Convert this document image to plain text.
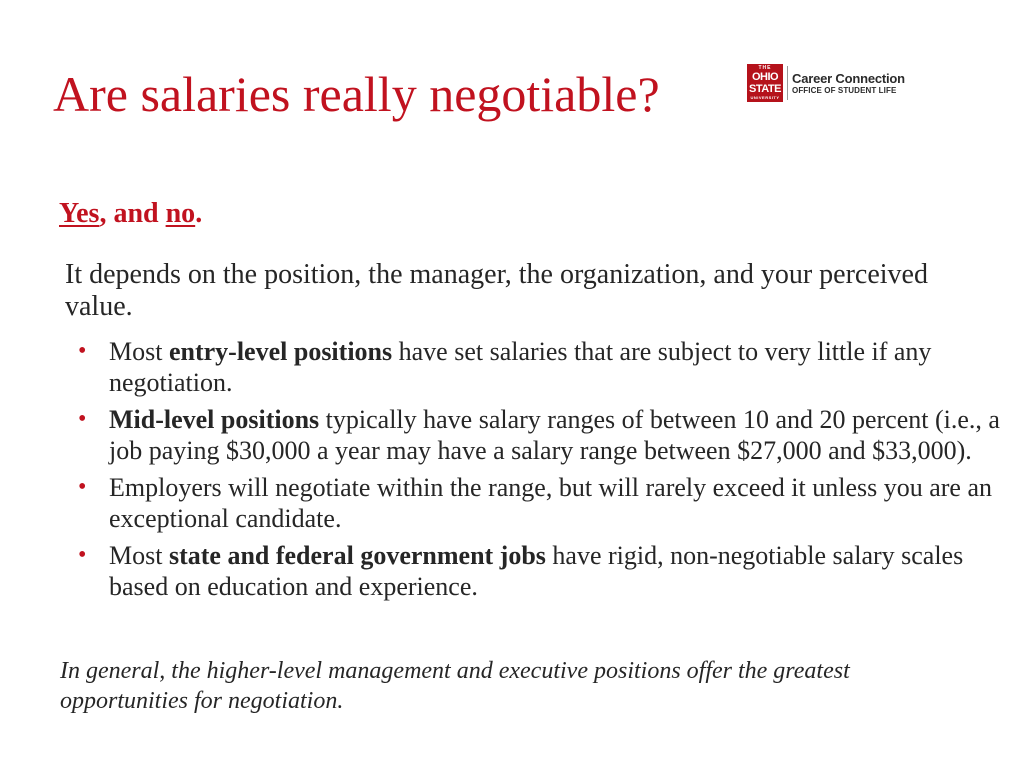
Are salaries really negotiable?	THE
OHIO
STATE
UNIVERSITY
Career Connection
OFFICE OF STUDENT LIFE
Yes, and no.
It depends on the position, the manager, the organization, and your perceived value.
• Most entry-level positions have set salaries that are subject to very little if any negotiation.
• Mid-level positions typically have salary ranges of between 10 and 20 percent (i.e., a job paying $30,000 a year may have a salary range between $27,000 and $33,000).
• Employers will negotiate within the range, but will rarely exceed it unless you are an exceptional candidate.
• Most state and federal government jobs have rigid, non-negotiable salary scales based on education and experience.
In general, the higher-level management and executive positions offer the greatest opportunities for negotiation.
